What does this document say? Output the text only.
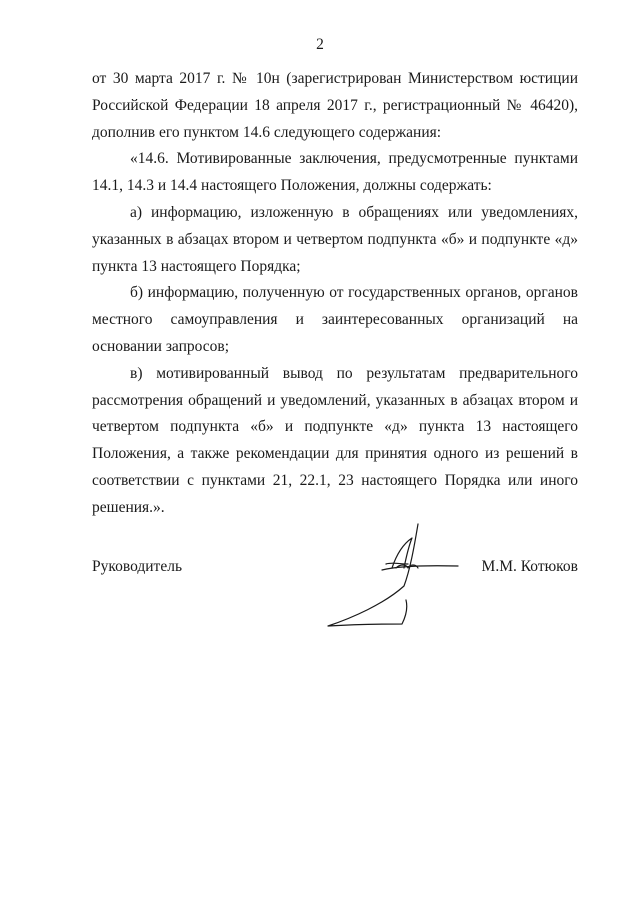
2

от 30 марта 2017 г. № 10н (зарегистрирован Министерством юстиции Российской Федерации 18 апреля 2017 г., регистрационный № 46420), дополнив его пунктом 14.6 следующего содержания:

«14.6. Мотивированные заключения, предусмотренные пунктами 14.1, 14.3 и 14.4 настоящего Положения, должны содержать:

а) информацию, изложенную в обращениях или уведомлениях, указанных в абзацах втором и четвертом подпункта «б» и подпункте «д» пункта 13 настоящего Порядка;

б) информацию, полученную от государственных органов, органов местного самоуправления и заинтересованных организаций на основании запросов;

в) мотивированный вывод по результатам предварительного рассмотрения обращений и уведомлений, указанных в абзацах втором и четвертом подпункта «б» и подпункте «д» пункта 13 настоящего Положения, а также рекомендации для принятия одного из решений в соответствии с пунктами 21, 22.1, 23 настоящего Порядка или иного решения.».

Руководитель	М.М. Котюков
